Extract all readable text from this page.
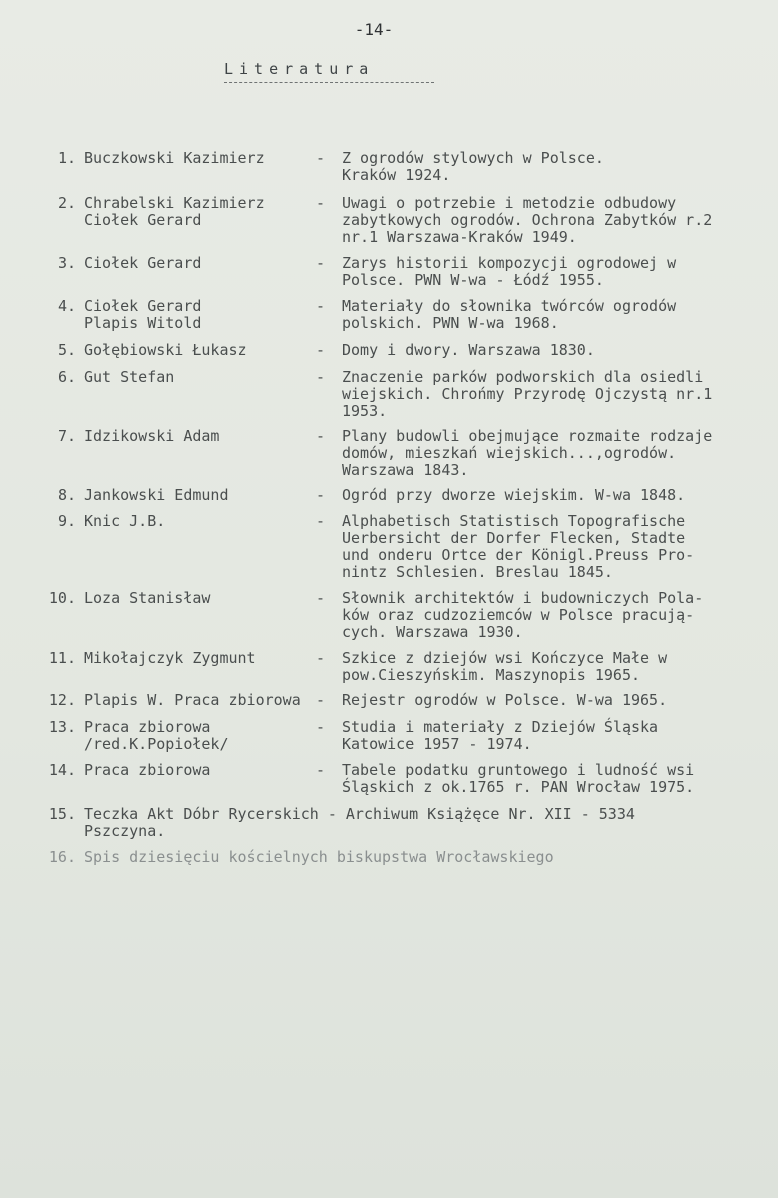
-14-
Literatura
1. Buczkowski Kazimierz	-	Z ogrodów stylowych w Polsce.
Kraków 1924.
2. Chrabelski Kazimierz
Ciołek Gerard
-	Uwagi o potrzebie i metodzie odbudowy
zabytkowych ogrodów. Ochrona Zabytków r.2
nr.1 Warszawa-Kraków 1949.
3. Ciołek Gerard	-	Zarys historii kompozycji ogrodowej w
Polsce. PWN W-wa - Łódź 1955.
4. Ciołek Gerard
Plapis Witold
-	Materiały do słownika twórców ogrodów
polskich. PWN W-wa 1968.
5. Gołębiowski Łukasz	-	Domy i dwory. Warszawa 1830.
6. Gut Stefan	-	Znaczenie parków podworskich dla osiedli
wiejskich. Chrońmy Przyrodę Ojczystą nr.1
1953.
7. Idzikowski Adam	-	Plany budowli obejmujące rozmaite rodzaje
domów, mieszkań wiejskich...,ogrodów.
Warszawa 1843.
8. Jankowski Edmund	-	Ogród przy dworze wiejskim. W-wa 1848.
9. Knic J.B.	-	Alphabetisch Statistisch Topografische
Uerbersicht der Dorfer Flecken, Stadte
und onderu Ortce der Königl.Preuss Pro-
nintz Schlesien. Breslau 1845.
10. Loza Stanisław	-	Słownik architektów i budowniczych Pola-
ków oraz cudzoziemców w Polsce pracują-
cych. Warszawa 1930.
11. Mikołajczyk Zygmunt	-	Szkice z dziejów wsi Kończyce Małe w
pow.Cieszyńskim. Maszynopis 1965.
12. Plapis W. Praca zbiorowa -	Rejestr ogrodów w Polsce. W-wa 1965.
13. Praca zbiorowa
/red.K.Popiołek/
-	Studia i materiały z Dziejów Śląska
Katowice 1957 - 1974.
14. Praca zbiorowa	-	Tabele podatku gruntowego i ludność wsi
Śląskich z ok.1765 r. PAN Wrocław 1975.
15. Teczka Akt Dóbr Rycerskich - Archiwum Książęce Nr. XII - 5334
Pszczyna.
16. Spis dziesięciu kościelnych biskupstwa Wrocławskiego
